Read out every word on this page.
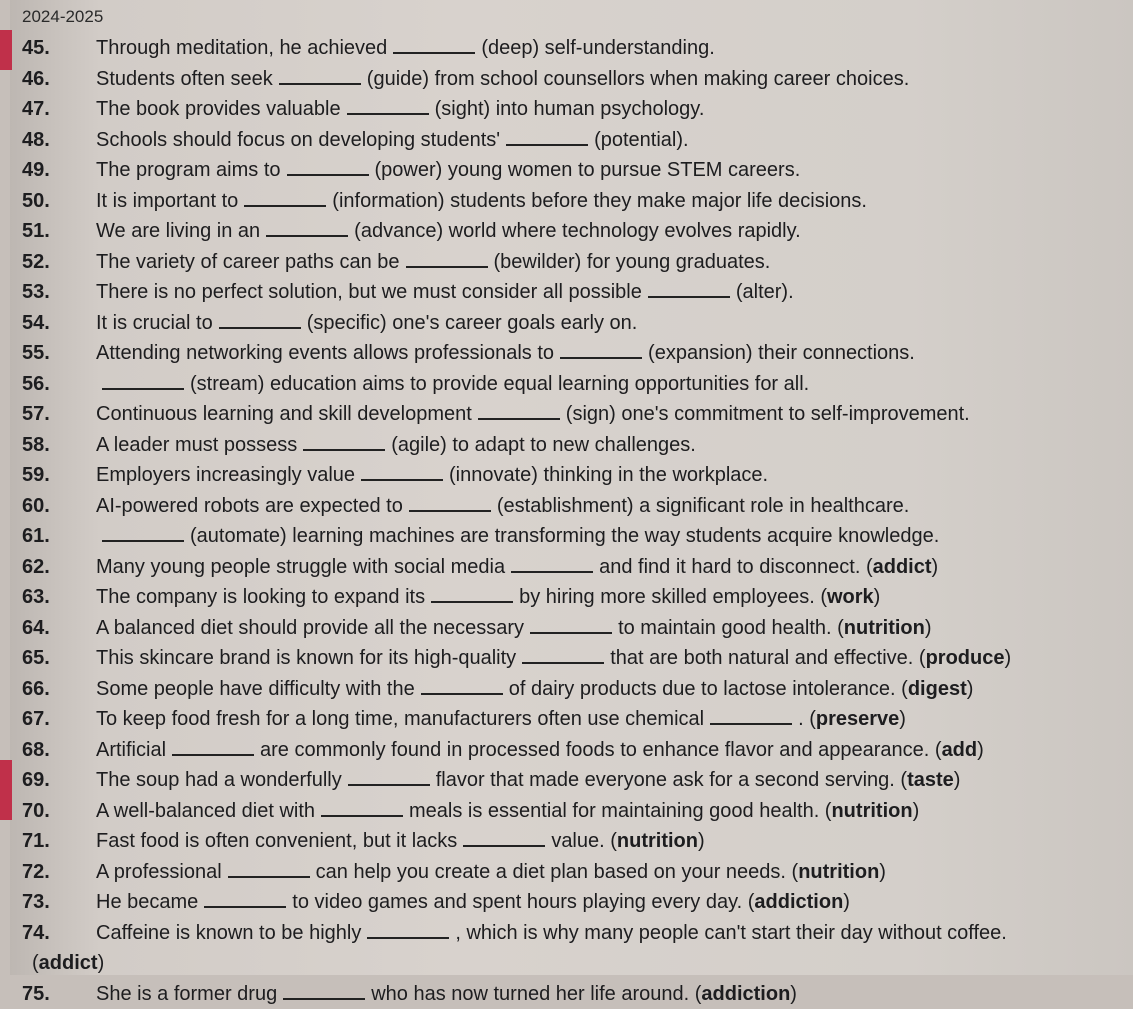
2024-2025
45.	Through meditation, he achieved	(deep) self-understanding.
46.	Students often seek	(guide) from school counsellors when making career choices.
47.	The book provides valuable	(sight) into human psychology.
48.	Schools should focus on developing students'	(potential).
49.	The program aims to	(power) young women to pursue STEM careers.
50.	It is important to	(information) students before they make major life decisions.
51.	We are living in an	(advance) world where technology evolves rapidly.
52.	The variety of career paths can be	(bewilder) for young graduates.
53.	There is no perfect solution, but we must consider all possible	(alter).
54.	It is crucial to	(specific) one's career goals early on.
55.	Attending networking events allows professionals to	(expansion) their connections.
56.	(stream) education aims to provide equal learning opportunities for all.
57.	Continuous learning and skill development	(sign) one's commitment to self-improvement.
58.	A leader must possess	(agile) to adapt to new challenges.
59.	Employers increasingly value	(innovate) thinking in the workplace.
60.	AI-powered robots are expected to	(establishment) a significant role in healthcare.
61.	(automate) learning machines are transforming the way students acquire knowledge.
62.	Many young people struggle with social media	and find it hard to disconnect. (addict)
63.	The company is looking to expand its	by hiring more skilled employees. (work)
64.	A balanced diet should provide all the necessary	to maintain good health. (nutrition)
65.	This skincare brand is known for its high-quality	that are both natural and effective. (produce)
66.	Some people have difficulty with the	of dairy products due to lactose intolerance. (digest)
67.	To keep food fresh for a long time, manufacturers often use chemical	. (preserve)
68.	Artificial	are commonly found in processed foods to enhance flavor and appearance. (add)
69.	The soup had a wonderfully	flavor that made everyone ask for a second serving. (taste)
70.	A well-balanced diet with	meals is essential for maintaining good health. (nutrition)
71.	Fast food is often convenient, but it lacks	value. (nutrition)
72.	A professional	can help you create a diet plan based on your needs. (nutrition)
73.	He became	to video games and spent hours playing every day. (addiction)
74.	Caffeine is known to be highly	, which is why many people can't start their day without coffee.
(addict)
75.	She is a former drug	who has now turned her life around. (addiction)
